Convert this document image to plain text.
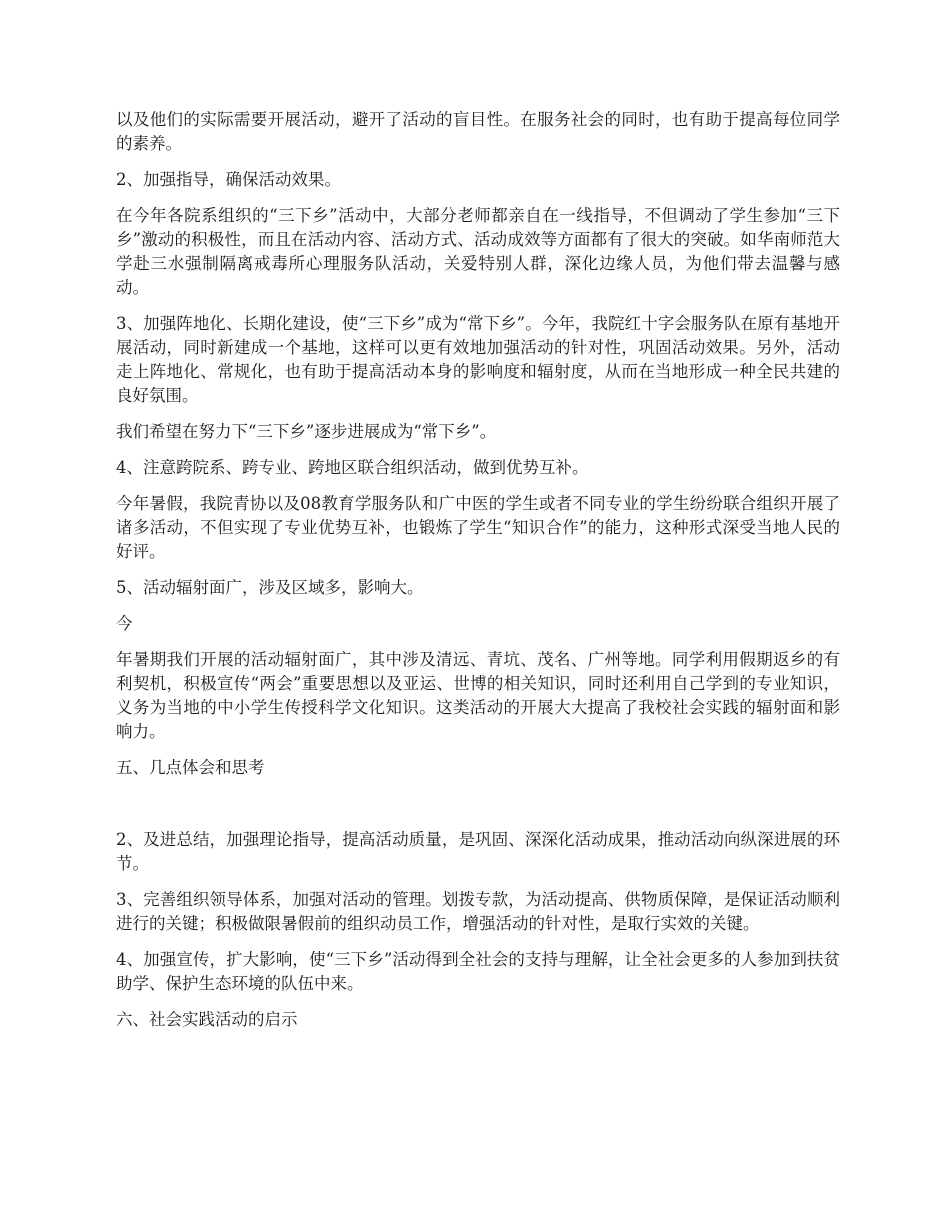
以及他们的实际需要开展活动，避开了活动的盲目性。在服务社会的同时，也有助于提高每位同学的素养。

2、加强指导，确保活动效果。

在今年各院系组织的“三下乡”活动中，大部分老师都亲自在一线指导，不但调动了学生参加“三下乡”激动的积极性，而且在活动内容、活动方式、活动成效等方面都有了很大的突破。如华南师范大学赴三水强制隔离戒毒所心理服务队活动，关爱特别人群，深化边缘人员，为他们带去温馨与感动。

3、加强阵地化、长期化建设，使“三下乡”成为“常下乡”。今年，我院红十字会服务队在原有基地开展活动，同时新建成一个基地，这样可以更有效地加强活动的针对性，巩固活动效果。另外，活动走上阵地化、常规化，也有助于提高活动本身的影响度和辐射度，从而在当地形成一种全民共建的良好氛围。

我们希望在努力下“三下乡”逐步进展成为“常下乡”。

4、注意跨院系、跨专业、跨地区联合组织活动，做到优势互补。

今年暑假，我院青协以及08教育学服务队和广中医的学生或者不同专业的学生纷纷联合组织开展了诸多活动，不但实现了专业优势互补，也锻炼了学生“知识合作”的能力，这种形式深受当地人民的好评。

5、活动辐射面广，涉及区域多，影响大。

今

年暑期我们开展的活动辐射面广，其中涉及清远、青坑、茂名、广州等地。同学利用假期返乡的有利契机，积极宣传“两会”重要思想以及亚运、世博的相关知识，同时还利用自己学到的专业知识，义务为当地的中小学生传授科学文化知识。这类活动的开展大大提高了我校社会实践的辐射面和影响力。

五、几点体会和思考

2、及进总结，加强理论指导，提高活动质量，是巩固、深深化活动成果，推动活动向纵深进展的环节。

3、完善组织领导体系，加强对活动的管理。划拨专款，为活动提高、供物质保障，是保证活动顺利进行的关键；积极做限暑假前的组织动员工作，增强活动的针对性，是取行实效的关键。

4、加强宣传，扩大影响，使“三下乡”活动得到全社会的支持与理解，让全社会更多的人参加到扶贫助学、保护生态环境的队伍中来。

六、社会实践活动的启示
